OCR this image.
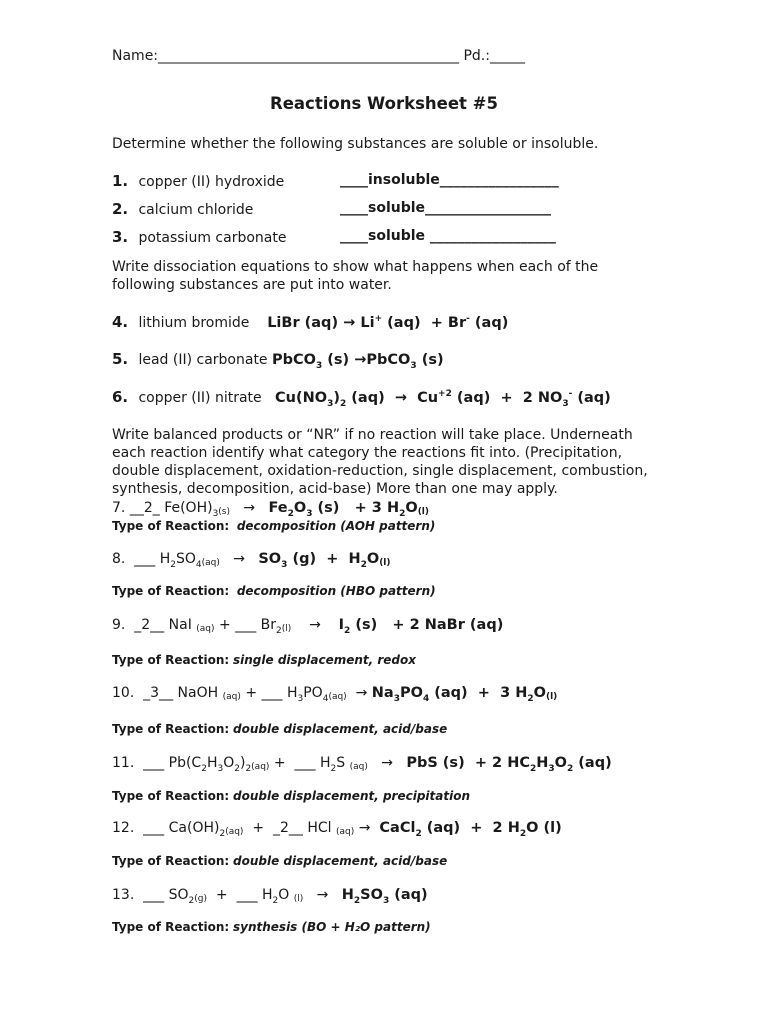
Name:___________________________________________ Pd.:_____
Reactions Worksheet #5
Determine whether the following substances are soluble or insoluble.
1. copper (II) hydroxide	____insoluble_________________
2. calcium chloride	____soluble__________________
3. potassium carbonate	____soluble __________________
Write dissociation equations to show what happens when each of the following substances are put into water.
4. lithium bromide LiBr (aq) → Li+ (aq) + Br- (aq)
5. lead (II) carbonate PbCO$_3$ (s) →PbCO$_3$ (s)
6. copper (II) nitrate $Cu(NO_3)_2$ $(aq) \to Cu^{+2}$ (aq) + 2 $NO_3^-$ (aq)
Write balanced products or “NR” if no reaction will take place. Underneath each reaction identify what category the reactions fit into. (Precipitation, double displacement, oxidation-reduction, single displacement, combustion, synthesis, decomposition, acid-base) More than one may apply.
7. __2_ $Fe(OH)_3(s) \to Fe_2O_3$ (s) + 3 $H_2O(l)$
Type of Reaction: decomposition (AOH pattern)
8. ___ $H_2SO_4(aq) \to SO_3$ $(g) + H_2O(l)$
Type of Reaction: decomposition (HBO pattern)
9. _2__ NaI (aq) + ___ $Br_2(l) \to I_2$ (s) + 2 NaBr (aq)
Type of Reaction: single displacement, redox
10. _3__ NaOH (aq) + ___ $H_3PO_4(aq) \to Na_3PO_4$ (aq) + 3 $H_2O(l)$
Type of Reaction: double displacement, acid/base
11. ___ $Pb(C_2H_3O_2)_2(aq)$ + ___ $H_2S$ (aq) → PbS (s) + 2 $HC_2H_3O_2$ (aq)
Type of Reaction: double displacement, precipitation
12. ___ $Ca(OH)_2(aq)$ + _2__ HCl (aq) → CaCl$_2$ (aq) + 2 $H_2O$ (l)
Type of Reaction: double displacement, acid/base
13. ___ $SO_2(g)$ + ___ $H_2O$ $(l) \to H_2SO_3$ (aq)
Type of Reaction: synthesis (BO + H₂O pattern)
